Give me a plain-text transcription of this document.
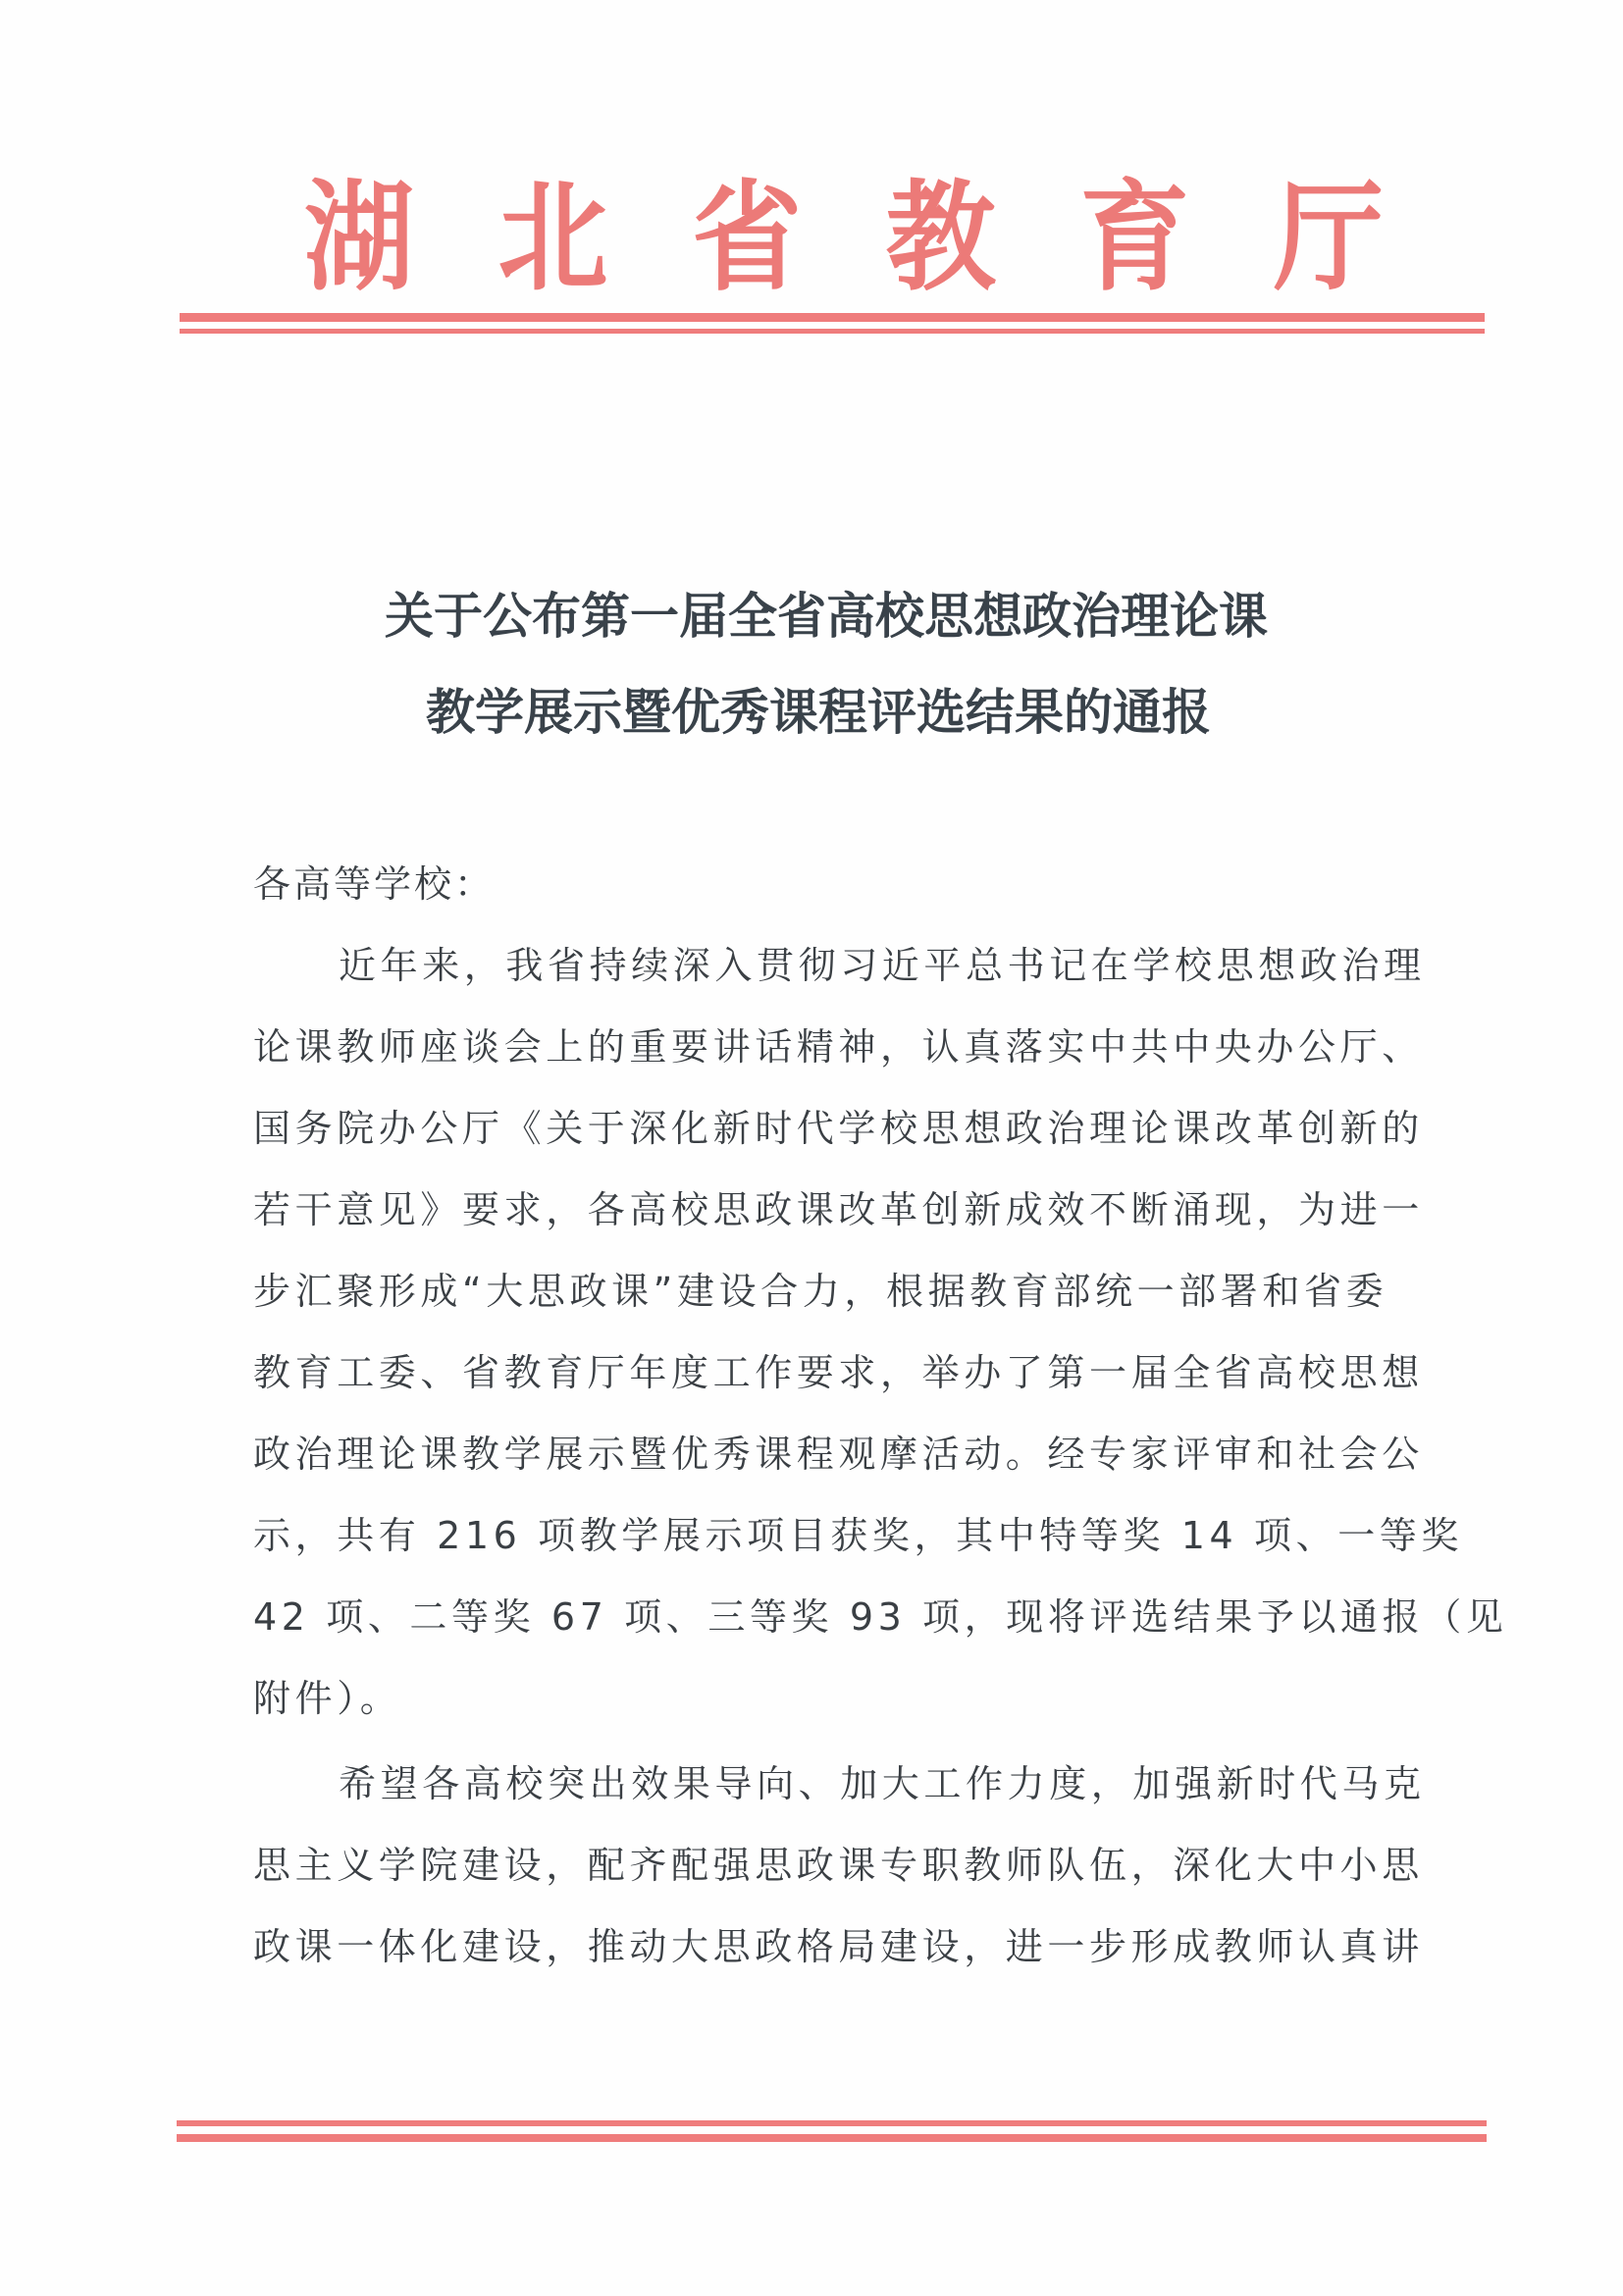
湖 北 省 教 育 厅
关于公布第一届全省高校思想政治理论课
教学展示暨优秀课程评选结果的通报
各高等学校：
近年来，我省持续深入贯彻习近平总书记在学校思想政治理
论课教师座谈会上的重要讲话精神，认真落实中共中央办公厅、
国务院办公厅《关于深化新时代学校思想政治理论课改革创新的
若干意见》要求，各高校思政课改革创新成效不断涌现，为进一
步汇聚形成“大思政课”建设合力，根据教育部统一部署和省委
教育工委、省教育厅年度工作要求，举办了第一届全省高校思想
政治理论课教学展示暨优秀课程观摩活动。经专家评审和社会公
示，共有 216 项教学展示项目获奖，其中特等奖 14 项、一等奖
42 项、二等奖 67 项、三等奖 93 项，现将评选结果予以通报（见
附件）。
希望各高校突出效果导向、加大工作力度，加强新时代马克
思主义学院建设，配齐配强思政课专职教师队伍，深化大中小思
政课一体化建设，推动大思政格局建设，进一步形成教师认真讲
